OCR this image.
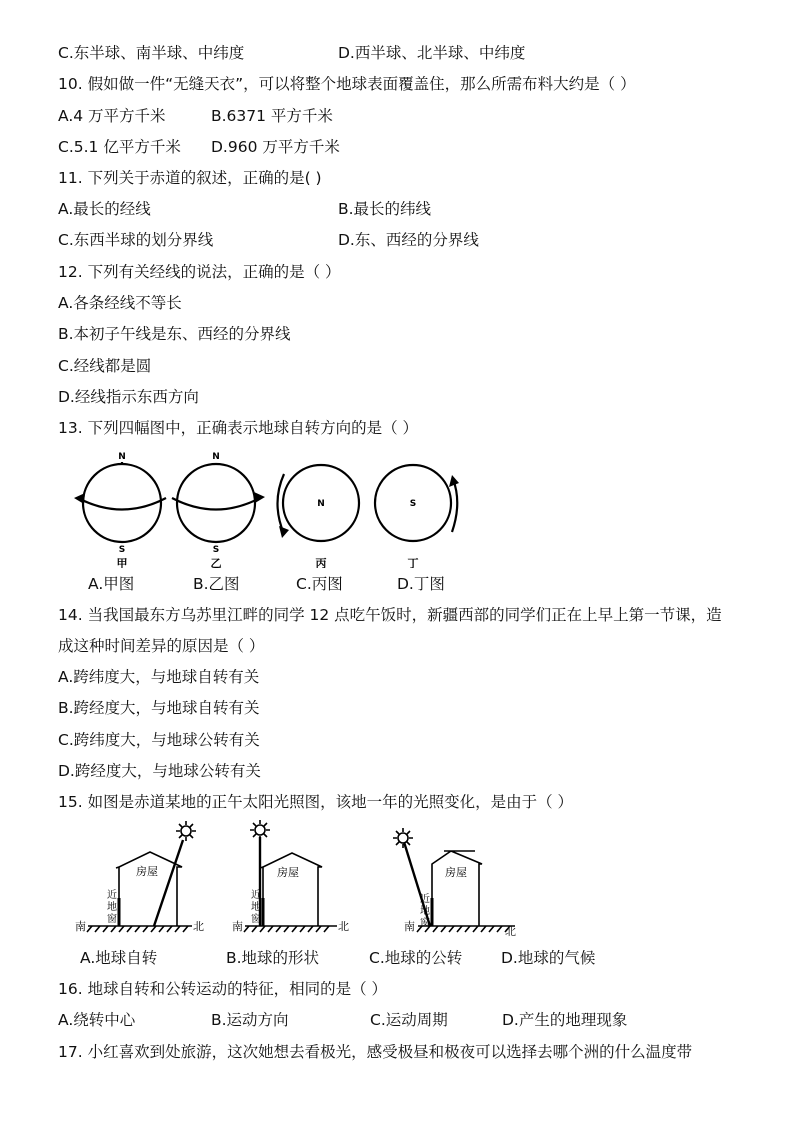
C.东半球、南半球、中纬度	D.西半球、北半球、中纬度
10. 假如做一件“无缝天衣”，可以将整个地球表面覆盖住，那么所需布料大约是（ ）
A.4 万平方千米	B.6371 平方千米
C.5.1 亿平方千米 D.960 万平方千米
11. 下列关于赤道的叙述，正确的是( )
A.最长的经线	B.最长的纬线
C.东西半球的划分界线	D.东、西经的分界线
12. 下列有关经线的说法，正确的是（ ）
A.各条经线不等长
B.本初子午线是东、西经的分界线
C.经线都是圆
D.经线指示东西方向
13. 下列四幅图中，正确表示地球自转方向的是（ ）
N
S
N
S
N	S
甲	乙	丙	丁
A.甲图	B.乙图	C.丙图	D.丁图
14. 当我国最东方乌苏里江畔的同学 12 点吃午饭时，新疆西部的同学们正在上早上第一节课，造
成这种时间差异的原因是（ ）
A.跨纬度大，与地球自转有关
B.跨经度大，与地球自转有关
C.跨纬度大，与地球公转有关
D.跨经度大，与地球公转有关
15. 如图是赤道某地的正午太阳光照图，该地一年的光照变化，是由于（ ）
房屋	房屋	房屋
近 地 窗
近 地 窗
近 地 窗
南	北	南	北	南	北
A.地球自转	B.地球的形状	C.地球的公转 D.地球的气候
16. 地球自转和公转运动的特征，相同的是（ ）
A.绕转中心	B.运动方向	C.运动周期	D.产生的地理现象
17. 小红喜欢到处旅游，这次她想去看极光，感受极昼和极夜可以选择去哪个洲的什么温度带
